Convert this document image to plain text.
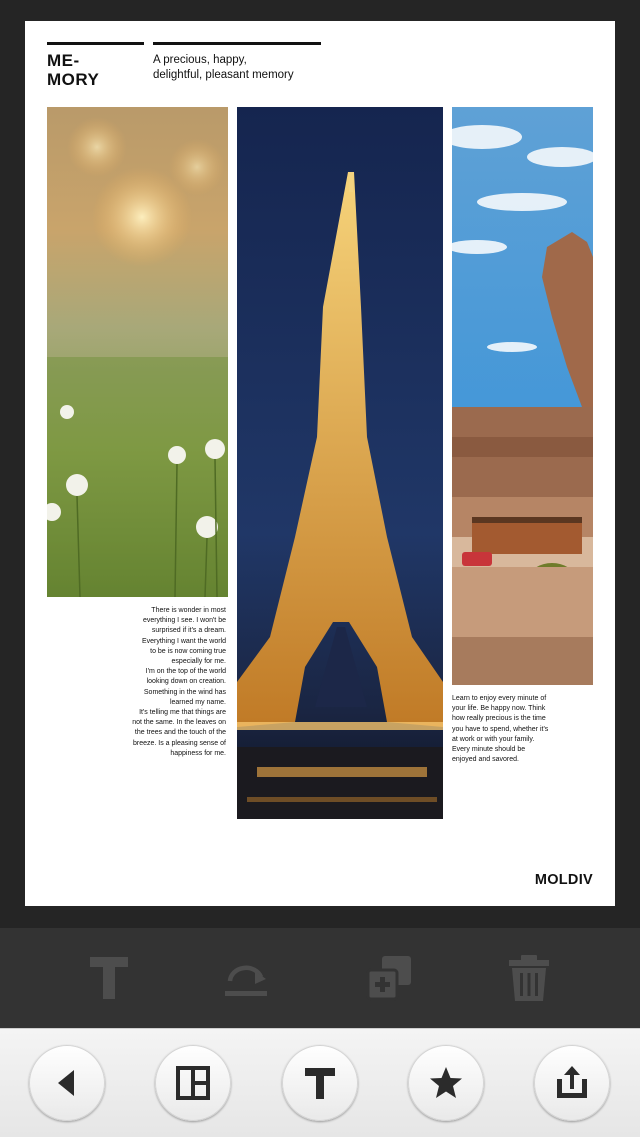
ME-
MORY
A precious, happy,
delightful, pleasant memory
There is wonder in most
everything I see. I won't be
surprised if it's a dream.
Everything I want the world
to be is now coming true
especially for me.
I'm on the top of the world
looking down on creation.
Something in the wind has
learned my name.
It's telling me that things are
not the same. In the leaves on
the trees and the touch of the
breeze. Is a pleasing sense of
happiness for me.
Learn to enjoy every minute of
your life. Be happy now. Think
how really precious is the time
you have to spend, whether it's
at work or with your family.
Every minute should be
enjoyed and savored.
MOLDIV
